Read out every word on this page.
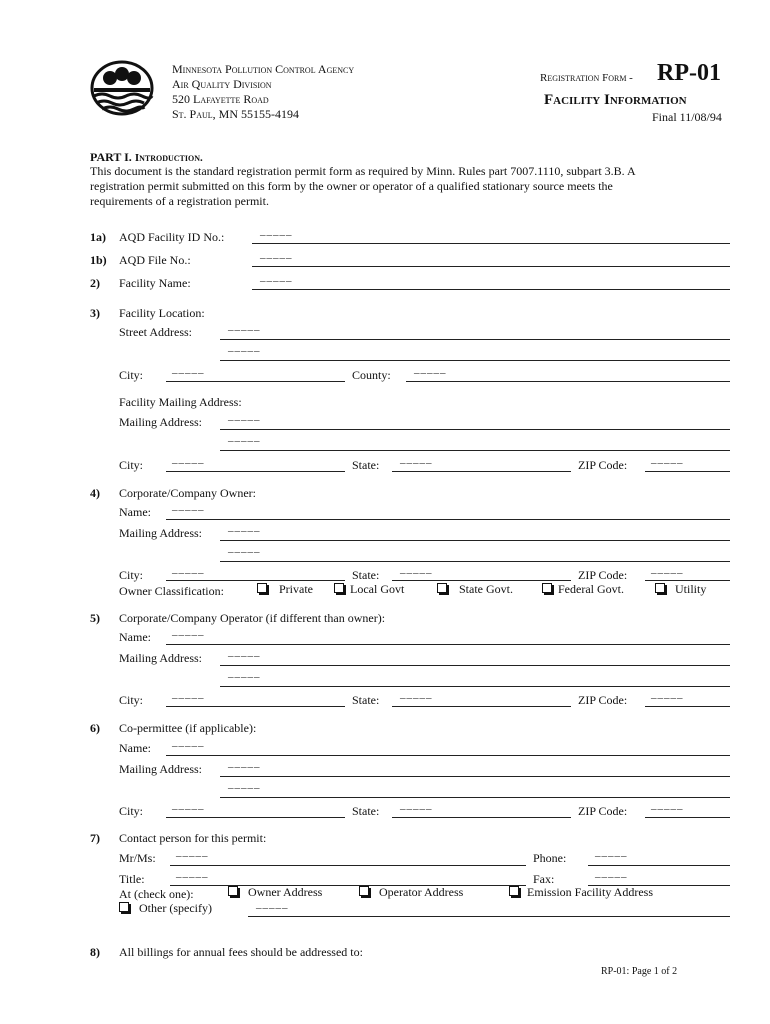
Minnesota Pollution Control Agency
Air Quality Division
520 Lafayette Road
St. Paul, MN 55155-4194
Registration Form - RP-01
Facility Information
Final 11/08/94
PART I. Introduction.
This document is the standard registration permit form as required by Minn. Rules part 7007.1110, subpart 3.B. A
registration permit submitted on this form by the owner or operator of a qualified stationary source meets the
requirements of a registration permit.
1a) AQD Facility ID No.:	–––––
1b) AQD File No.:	–––––
2) Facility Name:	–––––
3) Facility Location:
Street Address:	–––––
–––––
City:	–––––	County: –––––
Facility Mailing Address:
Mailing Address: –––––
–––––
City:	–––––	State: –––––	ZIP Code: –––––
4) Corporate/Company Owner:
Name: –––––
Mailing Address: –––––
–––––
City:	–––––	State: –––––	ZIP Code: –––––
Owner Classification:	Private	Local Govt	State Govt.	Federal Govt.	Utility
5) Corporate/Company Operator (if different than owner):
Name: –––––
Mailing Address: –––––
–––––
City:	–––––	State: –––––	ZIP Code: –––––
6) Co-permittee (if applicable):
Name: –––––
Mailing Address: –––––
–––––
City:	–––––	State: –––––	ZIP Code: –––––
7) Contact person for this permit:
Mr/Ms: –––––	Phone:	–––––
Title:	–––––	Fax:	–––––
At (check one):	Owner Address	Operator Address	Emission Facility Address
Other (specify)	–––––
8) All billings for annual fees should be addressed to:
RP-01: Page 1 of 2
